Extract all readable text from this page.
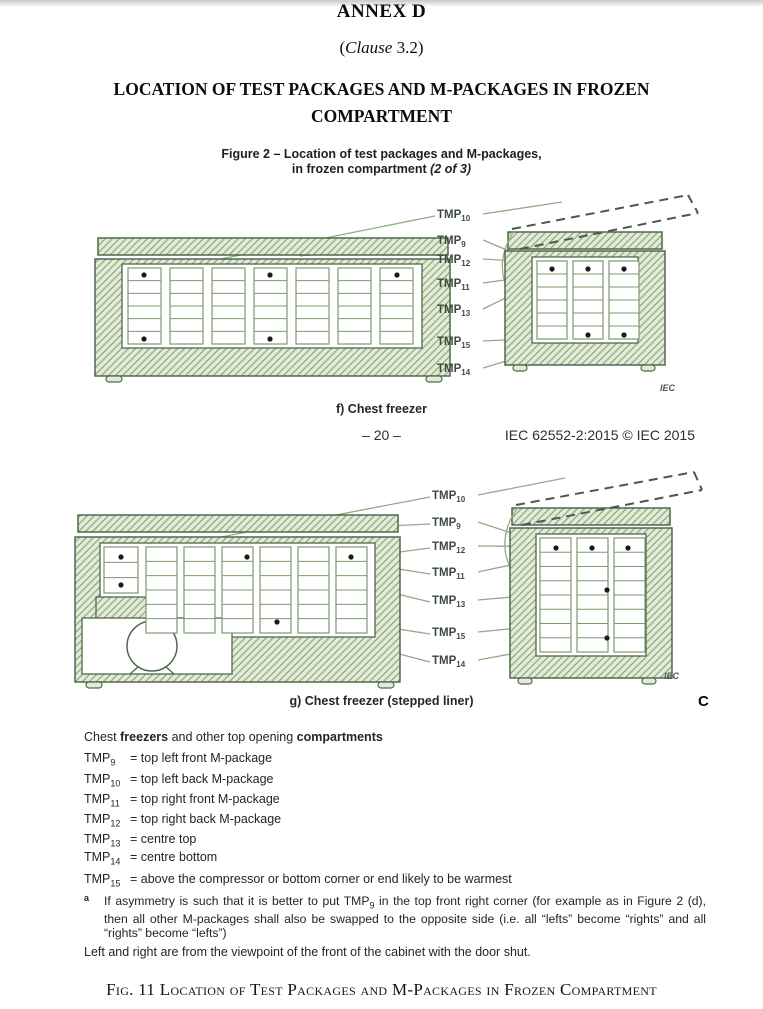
ANNEX D
(Clause 3.2)
LOCATION OF TEST PACKAGES AND M-PACKAGES IN FROZEN
COMPARTMENT
Figure 2 – Location of test packages and M-packages,
in frozen compartment (2 of 3)
$TMP_{10}$
$TMP_9$
$TMP_{12}$
$TMP_{11}$
$TMP_{13}$
$TMP_{15}$
$TMP_{14}$
IEC
f) Chest freezer
– 20 –	IEC 62552-2:2015 © IEC 2015
$TMP_{10}$
$TMP_9$
$TMP_{12}$
$TMP_{11}$
$TMP_{13}$
$TMP_{15}$
$TMP_{14}$
IEC
g) Chest freezer (stepped liner)	C
Chest freezers and other top opening compartments
$TMP_9$ = top left front M-package
$TMP_{10}$ = top left back M-package
$TMP_{11}$ = top right front M-package
$TMP_{12}$ = top right back M-package
$TMP_{13}$ = centre top
$TMP_{14}$ = centre bottom
$TMP_{15}$ = above the compressor or bottom corner or end likely to be warmest
a If asymmetry is such that it is better to put $TMP_9$ in the top front right corner (for example as in Figure 2 (d), then all other M-packages shall also be swapped to the opposite side (i.e. all “lefts” become “rights” and all “rights” become “lefts”)
Left and right are from the viewpoint of the front of the cabinet with the door shut.
Fig. 11 Location of Test Packages and M-Packages in Frozen Compartment
